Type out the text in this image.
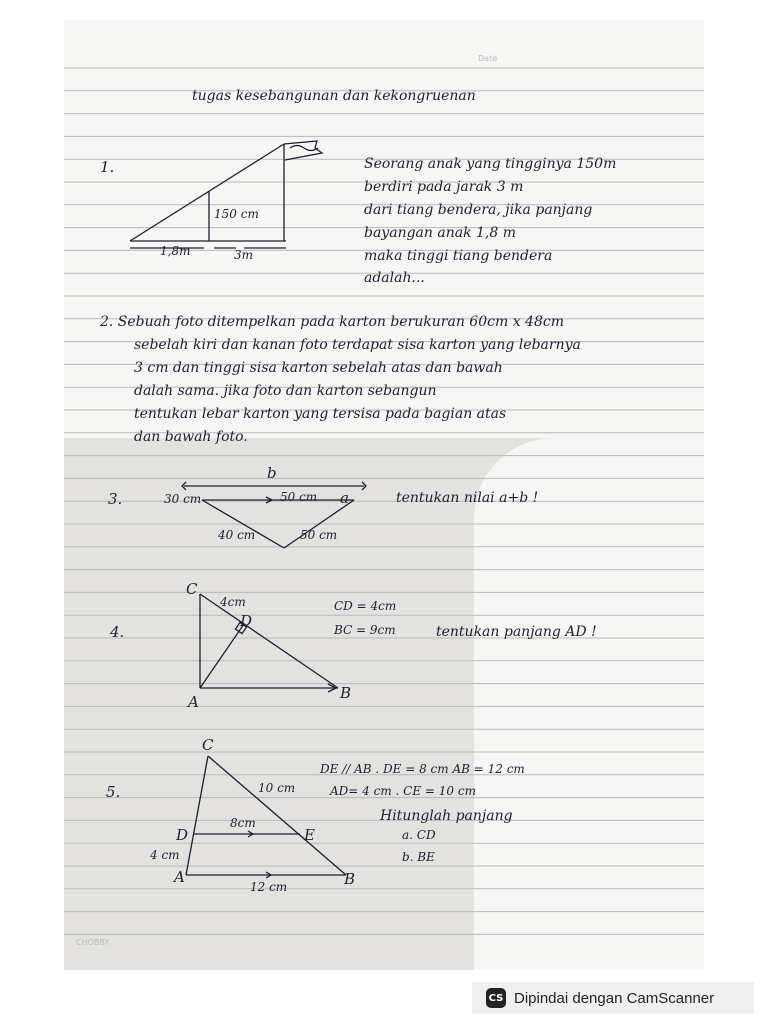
Date
tugas kesebangunan dan kekongruenan
1.
150 cm
1,8m	3m
Seorang anak yang tingginya 150m
berdiri pada jarak 3 m
dari tiang bendera, jika panjang
bayangan anak 1,8 m
maka tinggi tiang bendera
adalah...
2. Sebuah foto ditempelkan pada karton berukuran 60cm x 48cm
sebelah kiri dan kanan foto terdapat sisa karton yang lebarnya
3 cm dan tinggi sisa karton sebelah atas dan bawah
dalah sama. jika foto dan karton sebangun
tentukan lebar karton yang tersisa pada bagian atas
dan bawah foto.
3.
b
30 cm	50 cm a
40 cm	50 cm
tentukan nilai a+b !
4.
C
4cm
D
A	B
CD = 4cm
BC = 9cm	tentukan panjang AD !
5.
C
10 cm
8cm
D	E
4 cm
A
12 cm	B
DE // AB . DE = 8 cm AB = 12 cm
AD= 4 cm . CE = 10 cm
Hitunglah panjang
a. CD
b. BE
CHOBBY
CS Dipindai dengan CamScanner
